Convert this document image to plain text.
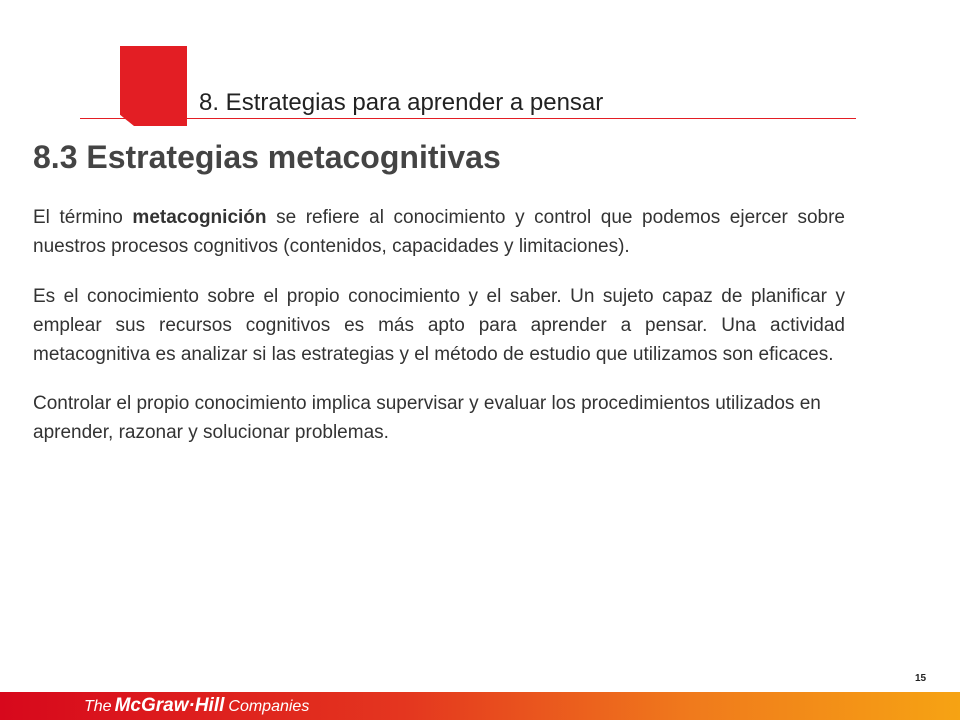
8. Estrategias para aprender a pensar
8.3 Estrategias metacognitivas

El término metacognición se refiere al conocimiento y control que podemos ejercer sobre nuestros procesos cognitivos (contenidos, capacidades y limitaciones).

Es el conocimiento sobre el propio conocimiento y el saber. Un sujeto capaz de planificar y emplear sus recursos cognitivos es más apto para aprender a pensar. Una actividad metacognitiva es analizar si las estrategias y el método de estudio que utilizamos son eficaces.

Controlar el propio conocimiento implica supervisar y evaluar los procedimientos utilizados en aprender, razonar y solucionar problemas.

15
The McGraw·Hill Companies
